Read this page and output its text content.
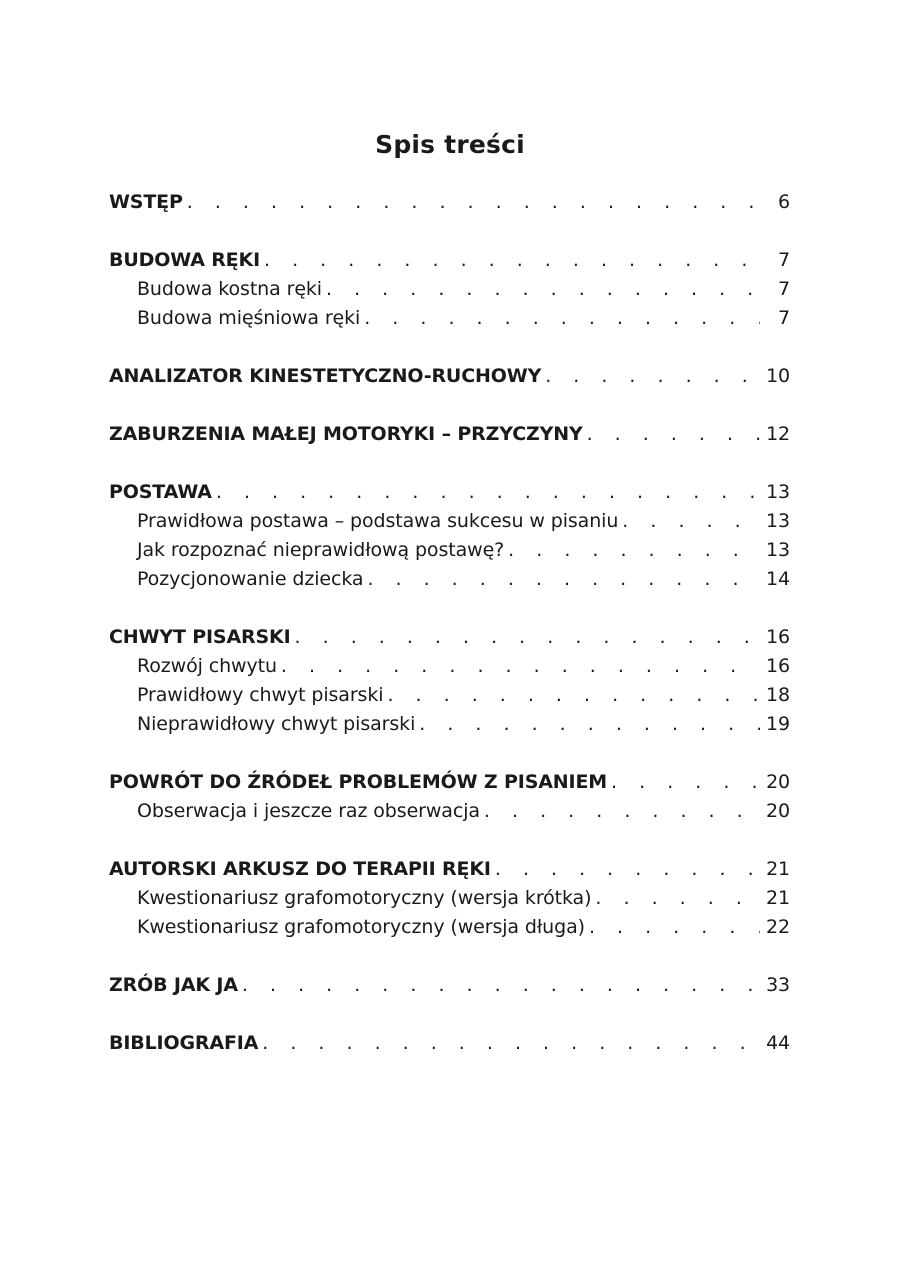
Spis treści
WSTĘP . . .	6
BUDOWA RĘKI . . .	7
Budowa kostna ręki . . .	7
Budowa mięśniowa ręki . . .	7
ANALIZATOR KINESTETYCZNO-RUCHOWY . . .	10
ZABURZENIA MAŁEJ MOTORYKI – PRZYCZYNY . . .	12
POSTAWA . . .	13
Prawidłowa postawa – podstawa sukcesu w pisaniu . . .	13
Jak rozpoznać nieprawidłową postawę? . . .	13
Pozycjonowanie dziecka . . .	14
CHWYT PISARSKI . . .	16
Rozwój chwytu . . .	16
Prawidłowy chwyt pisarski . . .	18
Nieprawidłowy chwyt pisarski . . .	19
POWRÓT DO ŹRÓDEŁ PROBLEMÓW Z PISANIEM . . .	20
Obserwacja i jeszcze raz obserwacja . . .	20
AUTORSKI ARKUSZ DO TERAPII RĘKI . . .	21
Kwestionariusz grafomotoryczny (wersja krótka) . . .	21
Kwestionariusz grafomotoryczny (wersja długa) . . .	22
ZRÓB JAK JA . . .	33
BIBLIOGRAFIA . . .	44
